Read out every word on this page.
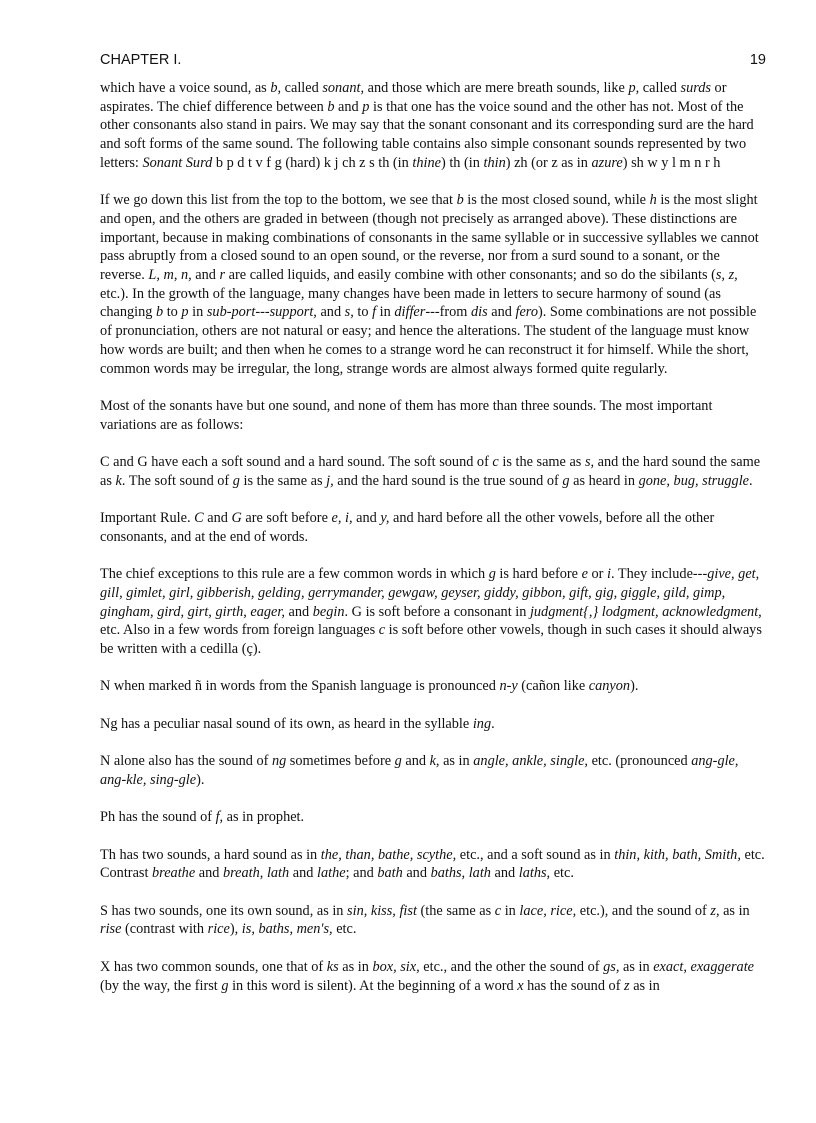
CHAPTER I.	19

which have a voice sound, as b, called sonant, and those which are mere breath sounds, like p, called surds or aspirates. The chief difference between b and p is that one has the voice sound and the other has not. Most of the other consonants also stand in pairs. We may say that the sonant consonant and its corresponding surd are the hard and soft forms of the same sound. The following table contains also simple consonant sounds represented by two letters: Sonant Surd b p d t v f g (hard) k j ch z s th (in thine) th (in thin) zh (or z as in azure) sh w y l m n r h

If we go down this list from the top to the bottom, we see that b is the most closed sound, while h is the most slight and open, and the others are graded in between (though not precisely as arranged above). These distinctions are important, because in making combinations of consonants in the same syllable or in successive syllables we cannot pass abruptly from a closed sound to an open sound, or the reverse, nor from a surd sound to a sonant, or the reverse. L, m, n, and r are called liquids, and easily combine with other consonants; and so do the sibilants (s, z, etc.). In the growth of the language, many changes have been made in letters to secure harmony of sound (as changing b to p in sub-port---support, and s, to f in differ---from dis and fero). Some combinations are not possible of pronunciation, others are not natural or easy; and hence the alterations. The student of the language must know how words are built; and then when he comes to a strange word he can reconstruct it for himself. While the short, common words may be irregular, the long, strange words are almost always formed quite regularly.

Most of the sonants have but one sound, and none of them has more than three sounds. The most important variations are as follows:

C and G have each a soft sound and a hard sound. The soft sound of c is the same as s, and the hard sound the same as k. The soft sound of g is the same as j, and the hard sound is the true sound of g as heard in gone, bug, struggle.

Important Rule. C and G are soft before e, i, and y, and hard before all the other vowels, before all the other consonants, and at the end of words.

The chief exceptions to this rule are a few common words in which g is hard before e or i. They include---give, get, gill, gimlet, girl, gibberish, gelding, gerrymander, gewgaw, geyser, giddy, gibbon, gift, gig, giggle, gild, gimp, gingham, gird, girt, girth, eager, and begin. G is soft before a consonant in judgment{,} lodgment, acknowledgment, etc. Also in a few words from foreign languages c is soft before other vowels, though in such cases it should always be written with a cedilla (ç).

N when marked ñ in words from the Spanish language is pronounced n-y (cañon like canyon).

Ng has a peculiar nasal sound of its own, as heard in the syllable ing.

N alone also has the sound of ng sometimes before g and k, as in angle, ankle, single, etc. (pronounced ang-gle, ang-kle, sing-gle).

Ph has the sound of f, as in prophet.

Th has two sounds, a hard sound as in the, than, bathe, scythe, etc., and a soft sound as in thin, kith, bath, Smith, etc. Contrast breathe and breath, lath and lathe; and bath and baths, lath and laths, etc.

S has two sounds, one its own sound, as in sin, kiss, fist (the same as c in lace, rice, etc.), and the sound of z, as in rise (contrast with rice), is, baths, men's, etc.

X has two common sounds, one that of ks as in box, six, etc., and the other the sound of gs, as in exact, exaggerate (by the way, the first g in this word is silent). At the beginning of a word x has the sound of z as in
